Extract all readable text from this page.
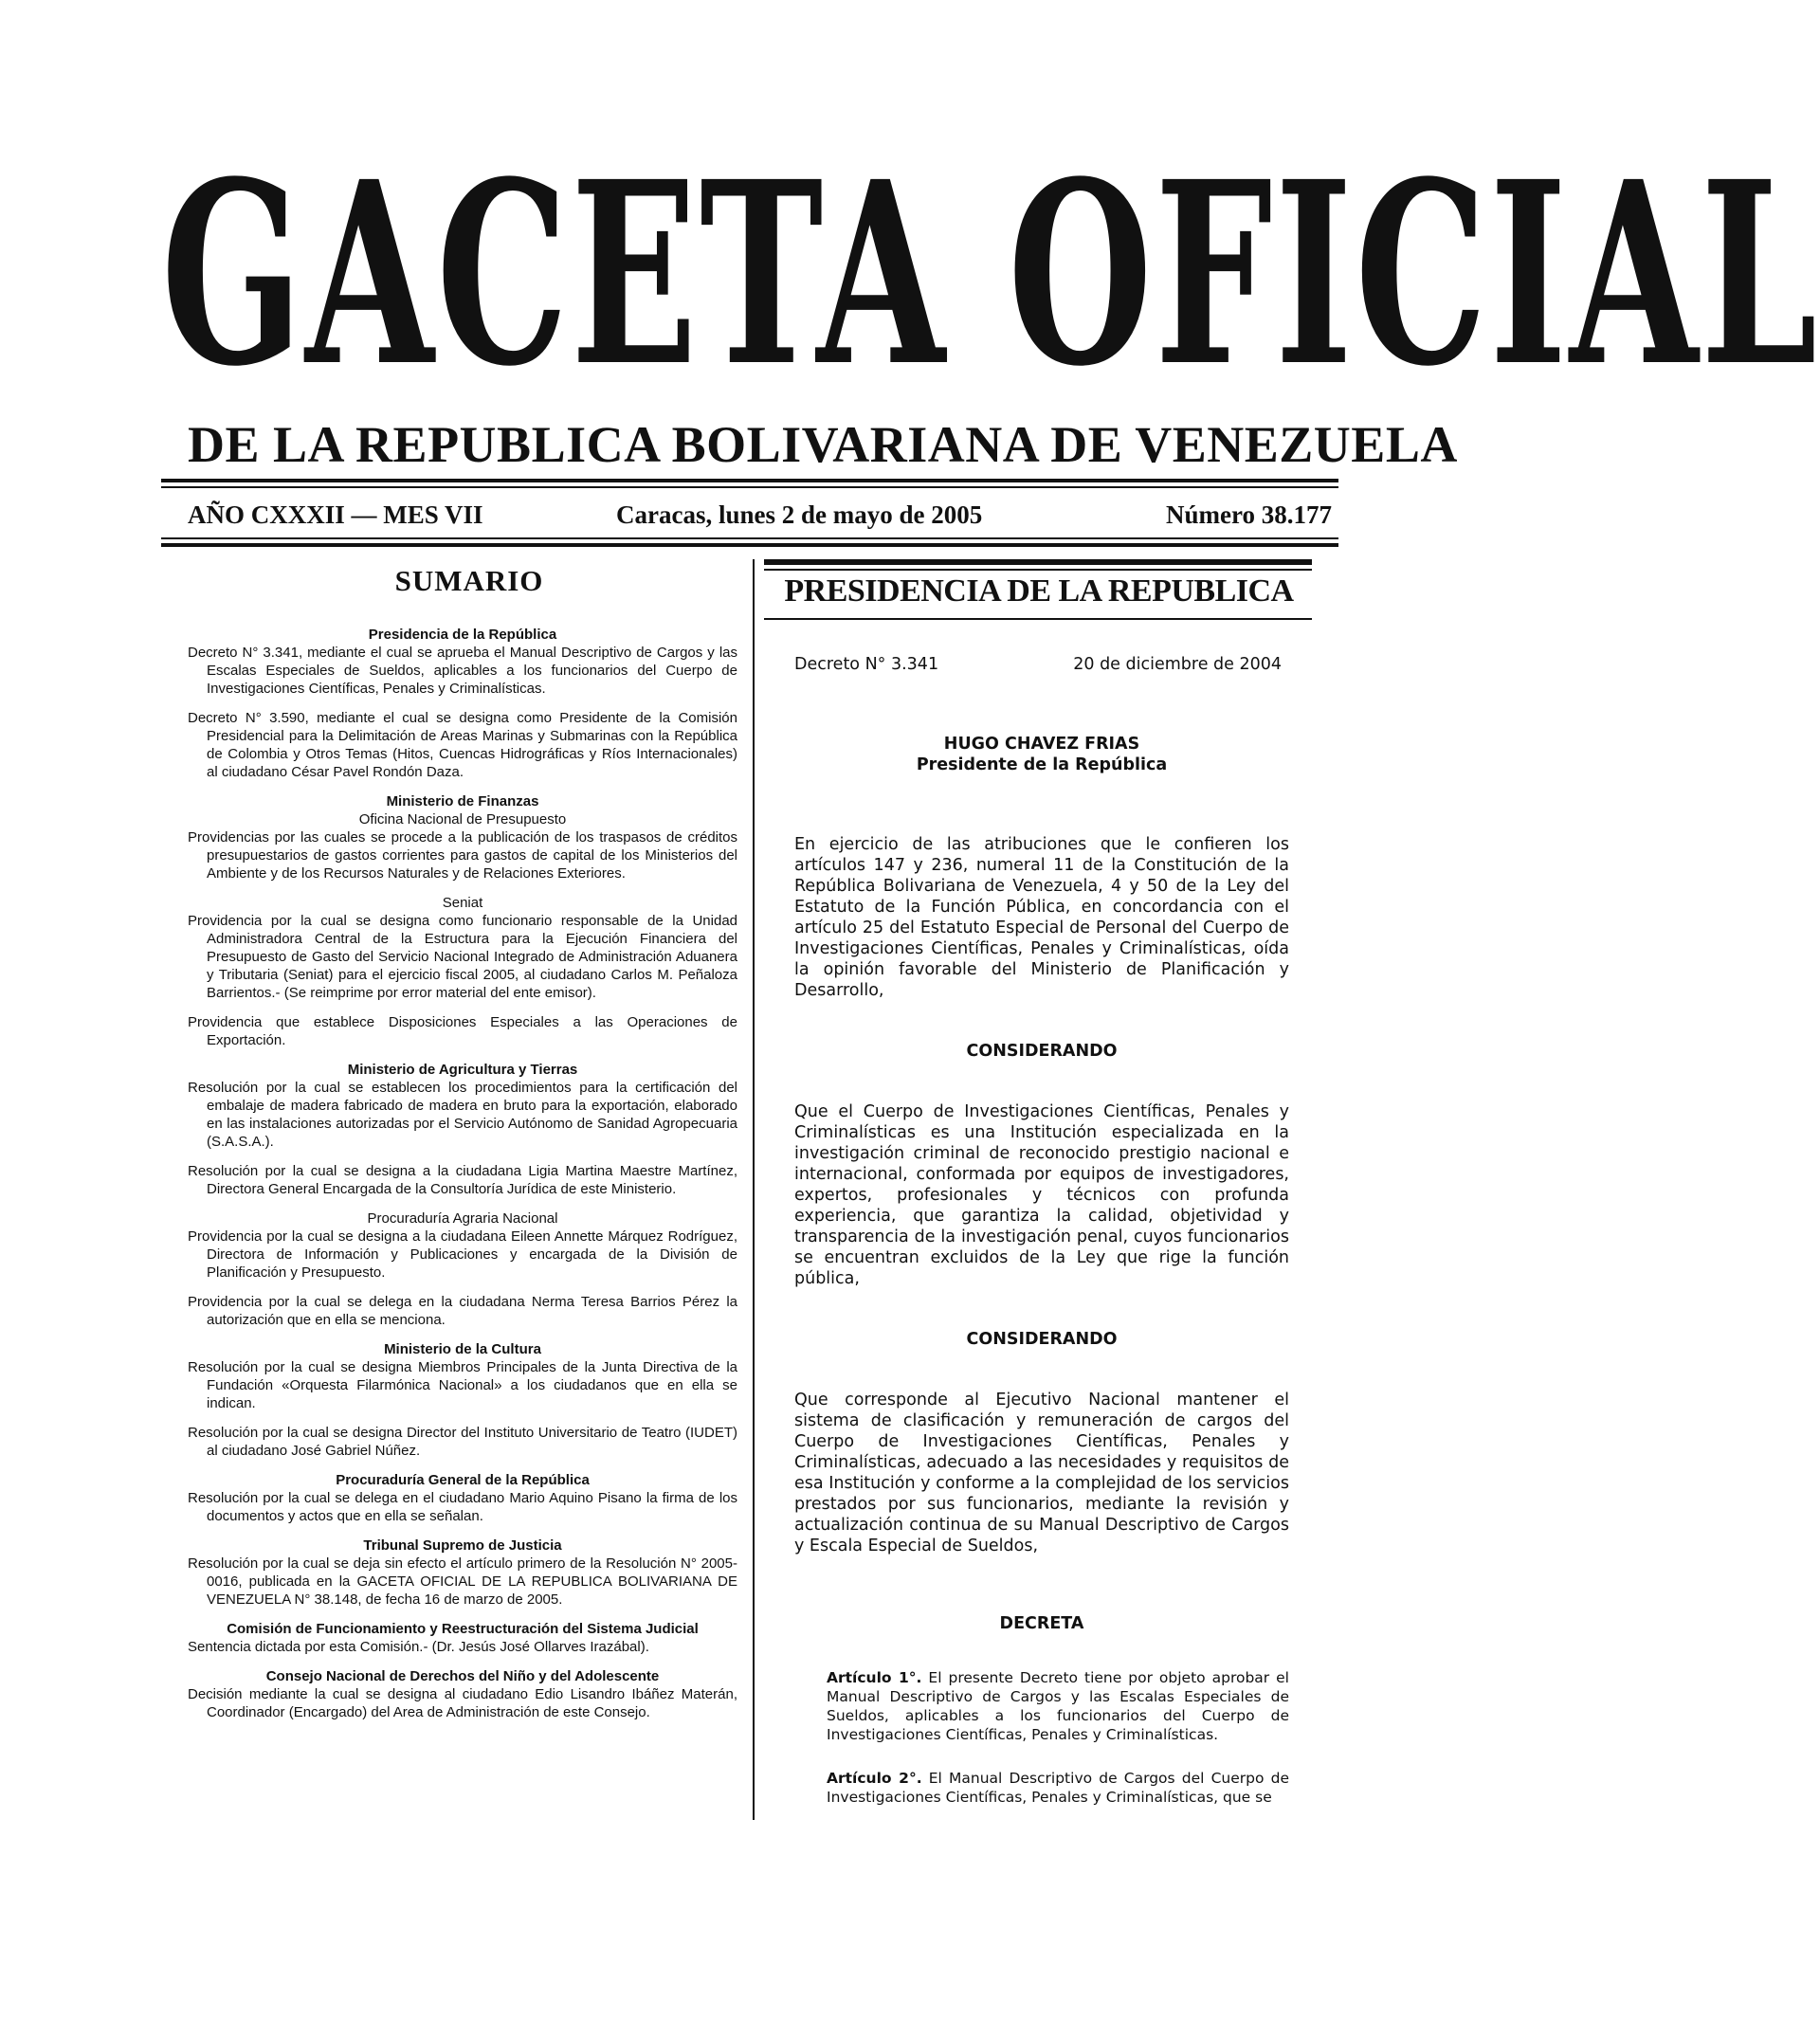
GACETA OFICIAL
DE LA REPUBLICA BOLIVARIANA DE VENEZUELA
AÑO CXXXII — MES VII	Caracas, lunes 2 de mayo de 2005	Número 38.177
SUMARIO
Presidencia de la República

Decreto N° 3.341, mediante el cual se aprueba el Manual Descriptivo de Cargos y las Escalas Especiales de Sueldos, aplicables a los funcionarios del Cuerpo de Investigaciones Científicas, Penales y Criminalísticas.

Decreto N° 3.590, mediante el cual se designa como Presidente de la Comisión Presidencial para la Delimitación de Areas Marinas y Submarinas con la República de Colombia y Otros Temas (Hitos, Cuencas Hidrográficas y Ríos Internacionales) al ciudadano César Pavel Rondón Daza.

Ministerio de Finanzas
Oficina Nacional de Presupuesto

Providencias por las cuales se procede a la publicación de los traspasos de créditos presupuestarios de gastos corrientes para gastos de capital de los Ministerios del Ambiente y de los Recursos Naturales y de Relaciones Exteriores.

Seniat

Providencia por la cual se designa como funcionario responsable de la Unidad Administradora Central de la Estructura para la Ejecución Financiera del Presupuesto de Gasto del Servicio Nacional Integrado de Administración Aduanera y Tributaria (Seniat) para el ejercicio fiscal 2005, al ciudadano Carlos M. Peñaloza Barrientos.- (Se reimprime por error material del ente emisor).

Providencia que establece Disposiciones Especiales a las Operaciones de Exportación.

Ministerio de Agricultura y Tierras

Resolución por la cual se establecen los procedimientos para la certificación del embalaje de madera fabricado de madera en bruto para la exportación, elaborado en las instalaciones autorizadas por el Servicio Autónomo de Sanidad Agropecuaria (S.A.S.A.).

Resolución por la cual se designa a la ciudadana Ligia Martina Maestre Martínez, Directora General Encargada de la Consultoría Jurídica de este Ministerio.

Procuraduría Agraria Nacional

Providencia por la cual se designa a la ciudadana Eileen Annette Márquez Rodríguez, Directora de Información y Publicaciones y encargada de la División de Planificación y Presupuesto.

Providencia por la cual se delega en la ciudadana Nerma Teresa Barrios Pérez la autorización que en ella se menciona.

Ministerio de la Cultura

Resolución por la cual se designa Miembros Principales de la Junta Directiva de la Fundación «Orquesta Filarmónica Nacional» a los ciudadanos que en ella se indican.

Resolución por la cual se designa Director del Instituto Universitario de Teatro (IUDET) al ciudadano José Gabriel Núñez.

Procuraduría General de la República

Resolución por la cual se delega en el ciudadano Mario Aquino Pisano la firma de los documentos y actos que en ella se señalan.

Tribunal Supremo de Justicia

Resolución por la cual se deja sin efecto el artículo primero de la Resolución N° 2005-0016, publicada en la GACETA OFICIAL DE LA REPUBLICA BOLIVARIANA DE VENEZUELA N° 38.148, de fecha 16 de marzo de 2005.

Comisión de Funcionamiento y Reestructuración del Sistema Judicial

Sentencia dictada por esta Comisión.- (Dr. Jesús José Ollarves Irazábal).

Consejo Nacional de Derechos del Niño y del Adolescente

Decisión mediante la cual se designa al ciudadano Edio Lisandro Ibáñez Materán, Coordinador (Encargado) del Area de Administración de este Consejo.

PRESIDENCIA DE LA REPUBLICA
Decreto N° 3.341	20 de diciembre de 2004

HUGO CHAVEZ FRIAS

Presidente de la República

En ejercicio de las atribuciones que le confieren los artículos 147 y 236, numeral 11 de la Constitución de la República Bolivariana de Venezuela, 4 y 50 de la Ley del Estatuto de la Función Pública, en concordancia con el artículo 25 del Estatuto Especial de Personal del Cuerpo de Investigaciones Científicas, Penales y Criminalísticas, oída la opinión favorable del Ministerio de Planificación y Desarrollo,

CONSIDERANDO

Que el Cuerpo de Investigaciones Científicas, Penales y Criminalísticas es una Institución especializada en la investigación criminal de reconocido prestigio nacional e internacional, conformada por equipos de investigadores, expertos, profesionales y técnicos con profunda experiencia, que garantiza la calidad, objetividad y transparencia de la investigación penal, cuyos funcionarios se encuentran excluidos de la Ley que rige la función pública,

CONSIDERANDO

Que corresponde al Ejecutivo Nacional mantener el sistema de clasificación y remuneración de cargos del Cuerpo de Investigaciones Científicas, Penales y Criminalísticas, adecuado a las necesidades y requisitos de esa Institución y conforme a la complejidad de los servicios prestados por sus funcionarios, mediante la revisión y actualización continua de su Manual Descriptivo de Cargos y Escala Especial de Sueldos,

DECRETA

Artículo 1°. El presente Decreto tiene por objeto aprobar el Manual Descriptivo de Cargos y las Escalas Especiales de Sueldos, aplicables a los funcionarios del Cuerpo de Investigaciones Científicas, Penales y Criminalísticas.

Artículo 2°. El Manual Descriptivo de Cargos del Cuerpo de Investigaciones Científicas, Penales y Criminalísticas, que se
